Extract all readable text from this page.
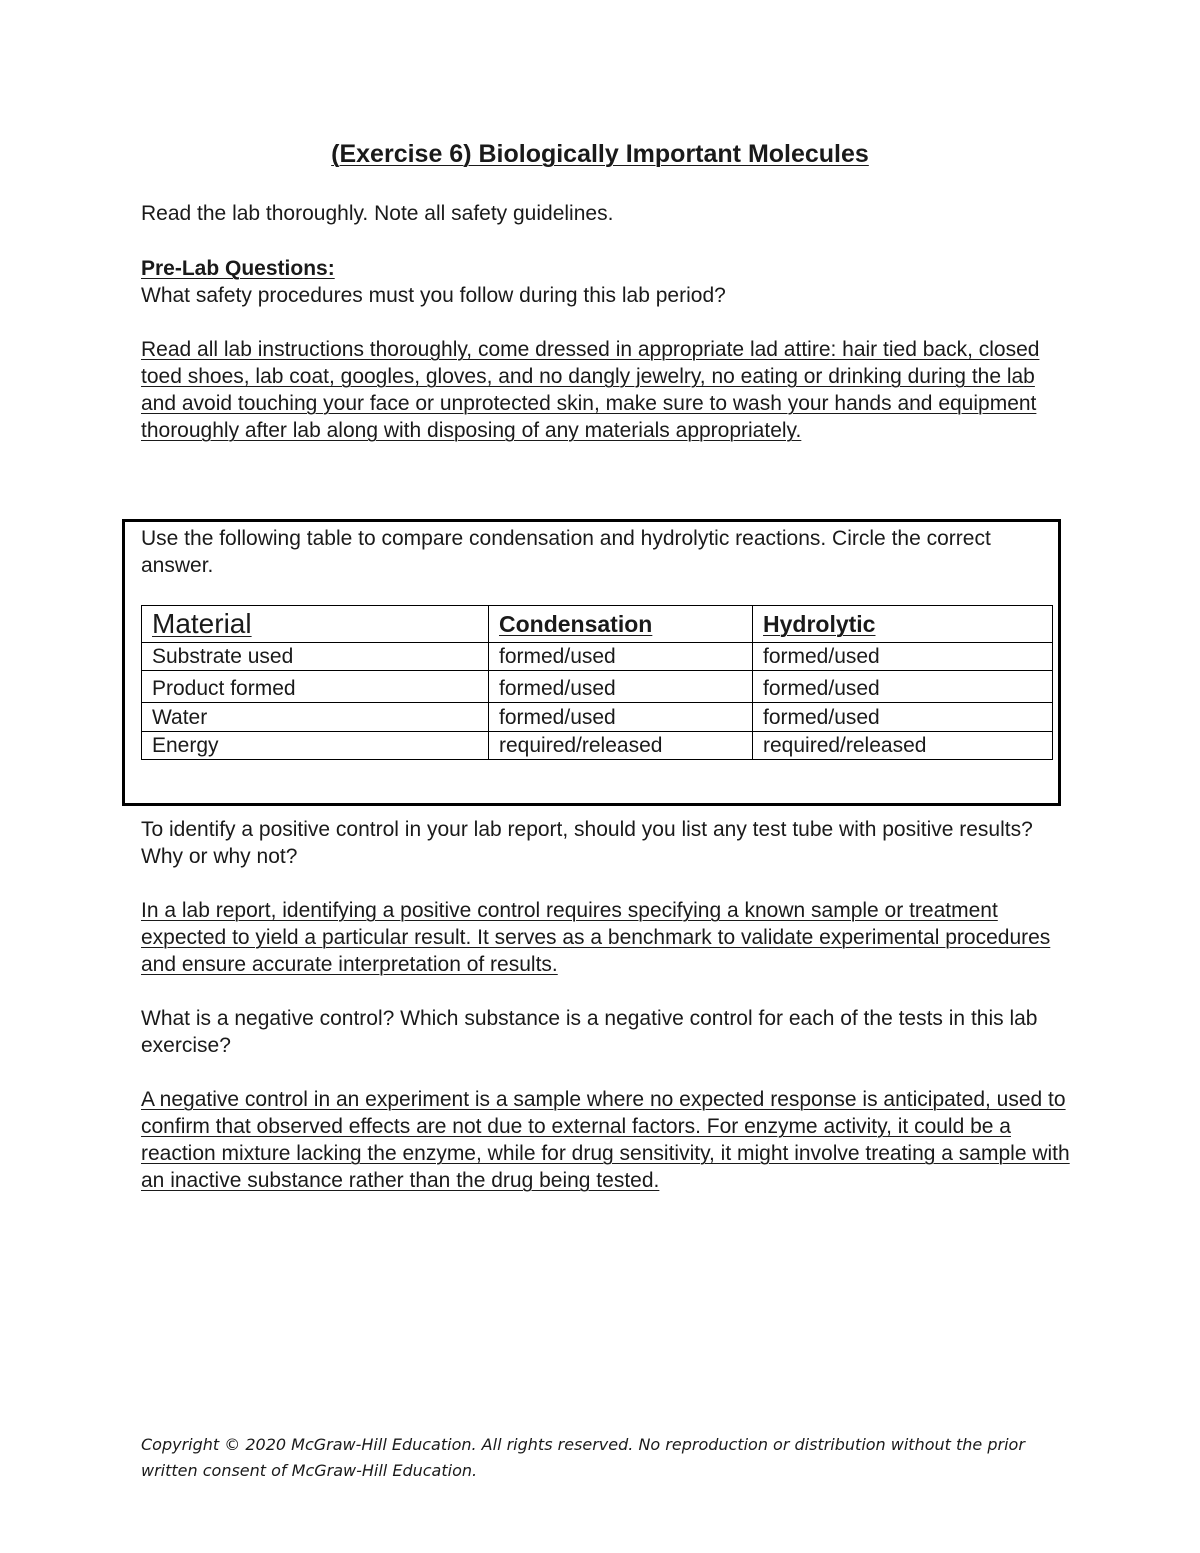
(Exercise 6) Biologically Important Molecules
Read the lab thoroughly. Note all safety guidelines.
Pre-Lab Questions:
What safety procedures must you follow during this lab period?
Read all lab instructions thoroughly, come dressed in appropriate lad attire: hair tied back, closed toed shoes, lab coat, googles, gloves, and no dangly jewelry, no eating or drinking during the lab and avoid touching your face or unprotected skin, make sure to wash your hands and equipment thoroughly after lab along with disposing of any materials appropriately.
Use the following table to compare condensation and hydrolytic reactions. Circle the correct answer.
Material	Condensation	Hydrolytic
Substrate used	formed/used	formed/used
Product formed	formed/used	formed/used
Water	formed/used	formed/used
Energy	required/released	required/released
To identify a positive control in your lab report, should you list any test tube with positive results? Why or why not?
In a lab report, identifying a positive control requires specifying a known sample or treatment expected to yield a particular result. It serves as a benchmark to validate experimental procedures and ensure accurate interpretation of results.
What is a negative control? Which substance is a negative control for each of the tests in this lab exercise?
A negative control in an experiment is a sample where no expected response is anticipated, used to confirm that observed effects are not due to external factors. For enzyme activity, it could be a reaction mixture lacking the enzyme, while for drug sensitivity, it might involve treating a sample with an inactive substance rather than the drug being tested.
Copyright © 2020 McGraw-Hill Education. All rights reserved. No reproduction or distribution without the prior written consent of McGraw-Hill Education.
